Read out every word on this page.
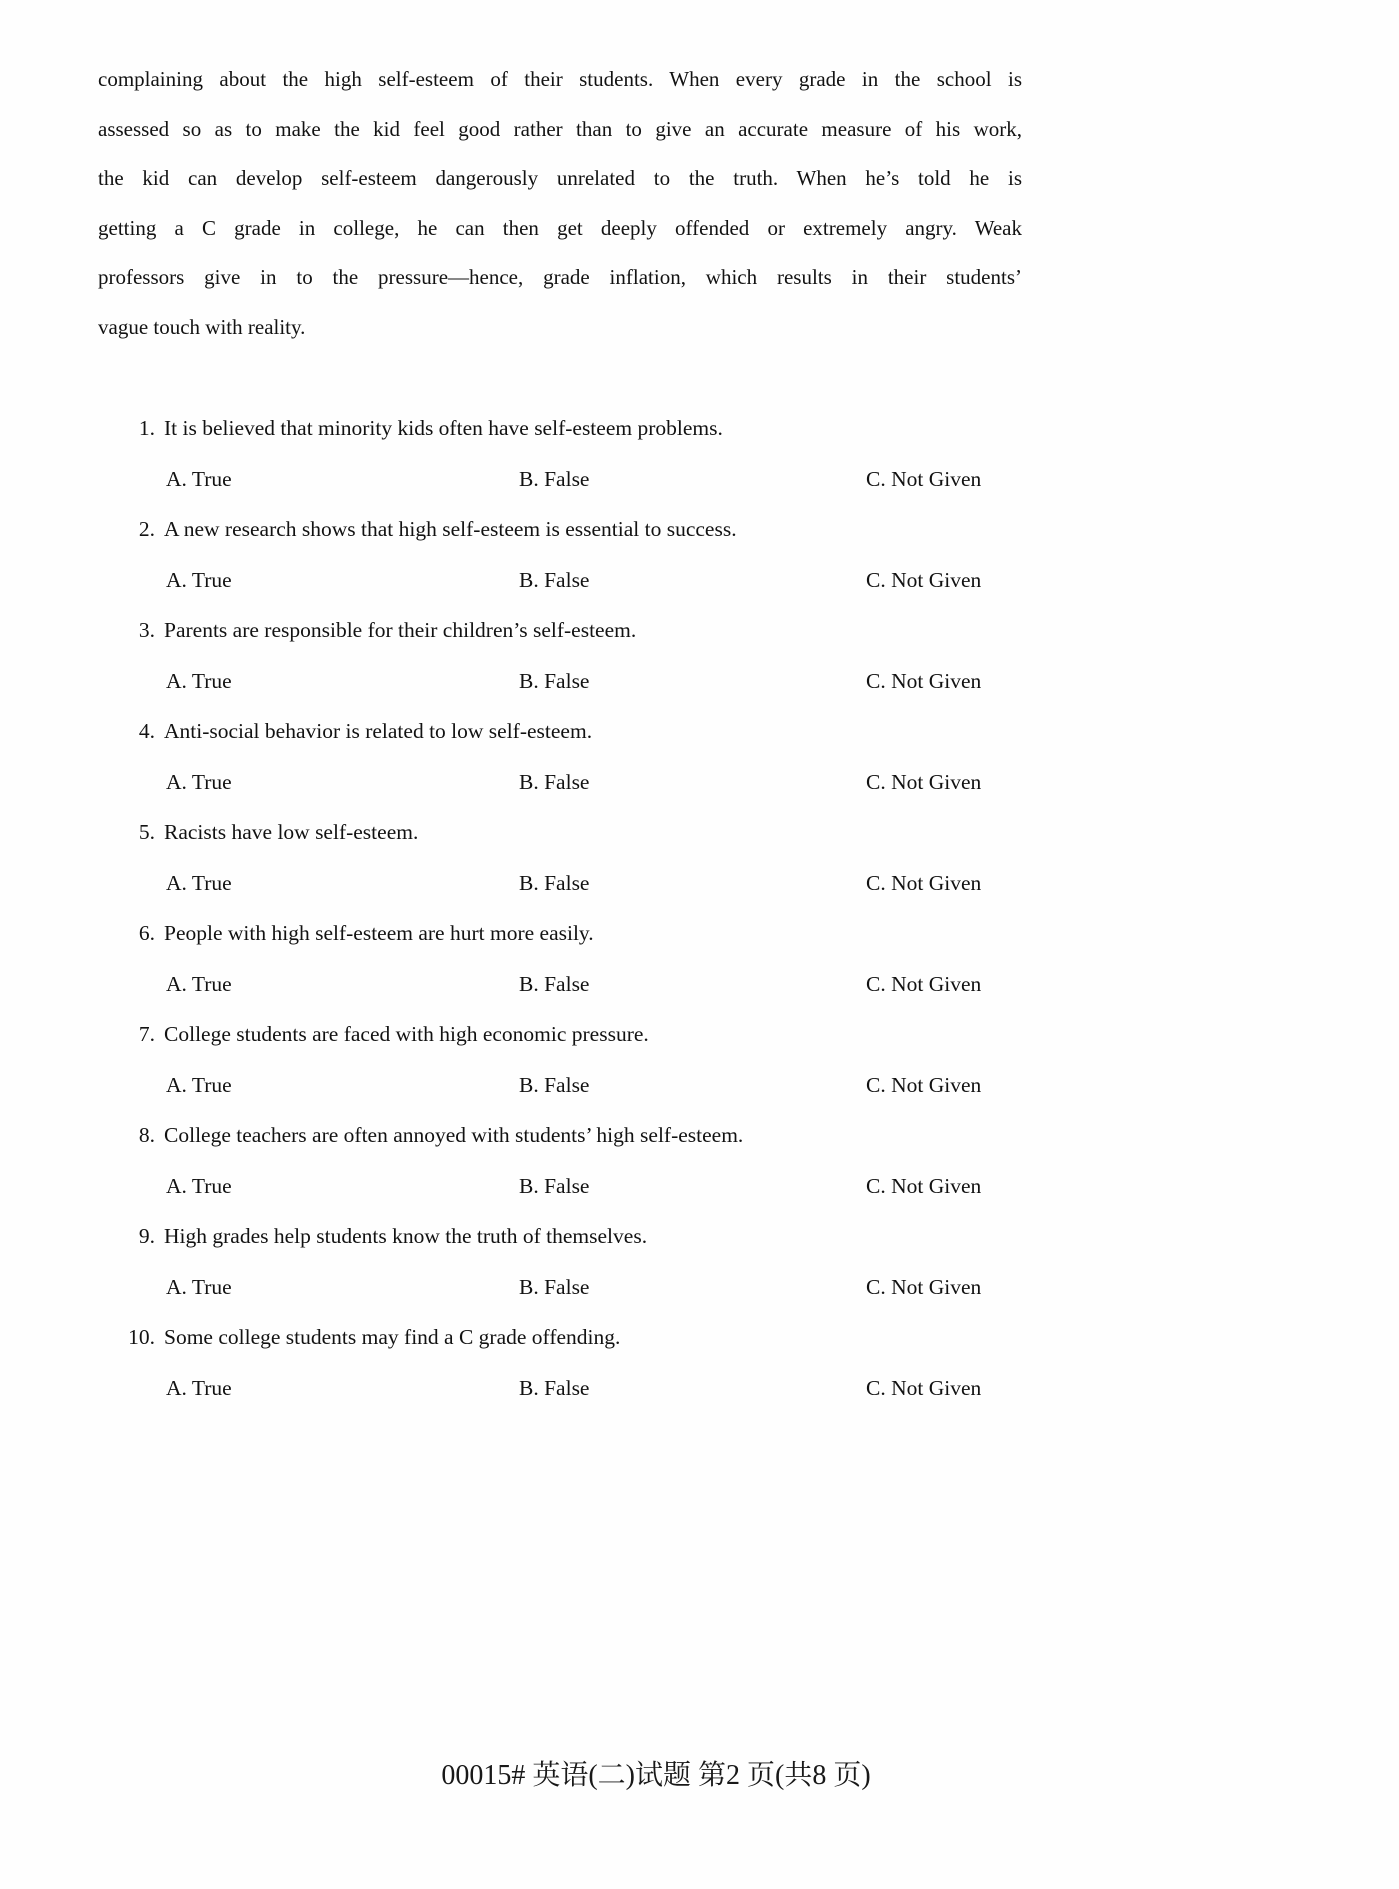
complaining about the high self-esteem of their students. When every grade in the school is
assessed so as to make the kid feel good rather than to give an accurate measure of his work,
the kid can develop self-esteem dangerously unrelated to the truth. When he’s told he is
getting a C grade in college, he can then get deeply offended or extremely angry. Weak
professors give in to the pressure—hence, grade inflation, which results in their students’
vague touch with reality.
1. It is believed that minority kids often have self-esteem problems.
A. True	B. False	C. Not Given
2. A new research shows that high self-esteem is essential to success.
A. True	B. False	C. Not Given
3. Parents are responsible for their children’s self-esteem.
A. True	B. False	C. Not Given
4. Anti-social behavior is related to low self-esteem.
A. True	B. False	C. Not Given
5. Racists have low self-esteem.
A. True	B. False	C. Not Given
6. People with high self-esteem are hurt more easily.
A. True	B. False	C. Not Given
7. College students are faced with high economic pressure.
A. True	B. False	C. Not Given
8. College teachers are often annoyed with students’ high self-esteem.
A. True	B. False	C. Not Given
9. High grades help students know the truth of themselves.
A. True	B. False	C. Not Given
10. Some college students may find a C grade offending.
A. True	B. False	C. Not Given
00015# 英语(二)试题 第2 页(共8 页)
